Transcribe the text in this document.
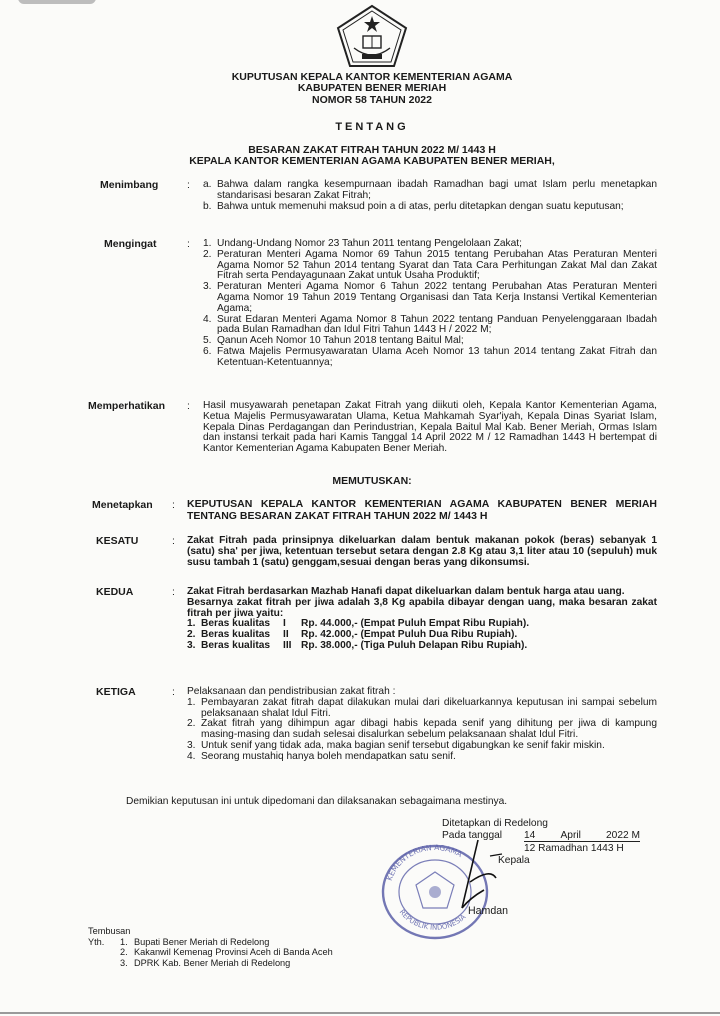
KUPUTUSAN KEPALA KANTOR KEMENTERIAN AGAMA
KABUPATEN BENER MERIAH
NOMOR 58 TAHUN 2022
TENTANG
BESARAN ZAKAT FITRAH TAHUN 2022 M/ 1443 H
KEPALA KANTOR KEMENTERIAN AGAMA KABUPATEN BENER MERIAH,
Menimbang	: a. Bahwa dalam rangka kesempurnaan ibadah Ramadhan bagi umat Islam perlu menetapkan standarisasi besaran Zakat Fitrah;
b. Bahwa untuk memenuhi maksud poin a di atas, perlu ditetapkan dengan suatu keputusan;
Mengingat	: 1. Undang-Undang Nomor 23 Tahun 2011 tentang Pengelolaan Zakat;
2. Peraturan Menteri Agama Nomor 69 Tahun 2015 tentang Perubahan Atas Peraturan Menteri Agama Nomor 52 Tahun 2014 tentang Syarat dan Tata Cara Perhitungan Zakat Mal dan Zakat Fitrah serta Pendayagunaan Zakat untuk Usaha Produktif;
3. Peraturan Menteri Agama Nomor 6 Tahun 2022 tentang Perubahan Atas Peraturan Menteri Agama Nomor 19 Tahun 2019 Tentang Organisasi dan Tata Kerja Instansi Vertikal Kementerian Agama;
4. Surat Edaran Menteri Agama Nomor 8 Tahun 2022 tentang Panduan Penyelenggaraan Ibadah pada Bulan Ramadhan dan Idul Fitri Tahun 1443 H / 2022 M;
5. Qanun Aceh Nomor 10 Tahun 2018 tentang Baitul Mal;
6. Fatwa Majelis Permusyawaratan Ulama Aceh Nomor 13 tahun 2014 tentang Zakat Fitrah dan Ketentuan-Ketentuannya;
Memperhatikan : Hasil musyawarah penetapan Zakat Fitrah yang diikuti oleh, Kepala Kantor Kementerian Agama, Ketua Majelis Permusyawaratan Ulama, Ketua Mahkamah Syar'iyah, Kepala Dinas Syariat Islam, Kepala Dinas Perdagangan dan Perindustrian, Kepala Baitul Mal Kab. Bener Meriah, Ormas Islam dan instansi terkait pada hari Kamis Tanggal 14 April 2022 M / 12 Ramadhan 1443 H bertempat di Kantor Kementerian Agama Kabupaten Bener Meriah.
MEMUTUSKAN:
Menetapkan : KEPUTUSAN KEPALA KANTOR KEMENTERIAN AGAMA KABUPATEN BENER MERIAH TENTANG BESARAN ZAKAT FITRAH TAHUN 2022 M/ 1443 H
KESATU	: Zakat Fitrah pada prinsipnya dikeluarkan dalam bentuk makanan pokok (beras) sebanyak 1 (satu) sha' per jiwa, ketentuan tersebut setara dengan 2.8 Kg atau 3,1 liter atau 10 (sepuluh) muk susu tambah 1 (satu) genggam,sesuai dengan beras yang dikonsumsi.
KEDUA	: Zakat Fitrah berdasarkan Mazhab Hanafi dapat dikeluarkan dalam bentuk harga atau uang.
Besarnya zakat fitrah per jiwa adalah 3,8 Kg apabila dibayar dengan uang, maka besaran zakat fitrah per jiwa yaitu:
1. Beras kualitas	I	Rp. 44.000,- (Empat Puluh Empat Ribu Rupiah).
2. Beras kualitas	II	Rp. 42.000,- (Empat Puluh Dua Ribu Rupiah).
3. Beras kualitas	III Rp. 38.000,- (Tiga Puluh Delapan Ribu Rupiah).
KETIGA	: Pelaksanaan dan pendistribusian zakat fitrah :
1. Pembayaran zakat fitrah dapat dilakukan mulai dari dikeluarkannya keputusan ini sampai sebelum pelaksanaan shalat Idul Fitri.
2. Zakat fitrah yang dihimpun agar dibagi habis kepada senif yang dihitung per jiwa di kampung masing-masing dan sudah selesai disalurkan sebelum pelaksanaan shalat Idul Fitri.
3. Untuk senif yang tidak ada, maka bagian senif tersebut digabungkan ke senif fakir miskin.
4. Seorang mustahiq hanya boleh mendapatkan satu senif.
Demikian keputusan ini untuk dipedomani dan dilaksanakan sebagaimana mestinya.
Ditetapkan di Redelong
Pada tanggal 14 April 2022 M
12 Ramadhan 1443 H
KEMENTERIAN AGAMA
REPUBLIK INDONESIA
Kepala
Hamdan
Tembusan
Yth.	1. Bupati Bener Meriah di Redelong
2. Kakanwil Kemenag Provinsi Aceh di Banda Aceh
3. DPRK Kab. Bener Meriah di Redelong
